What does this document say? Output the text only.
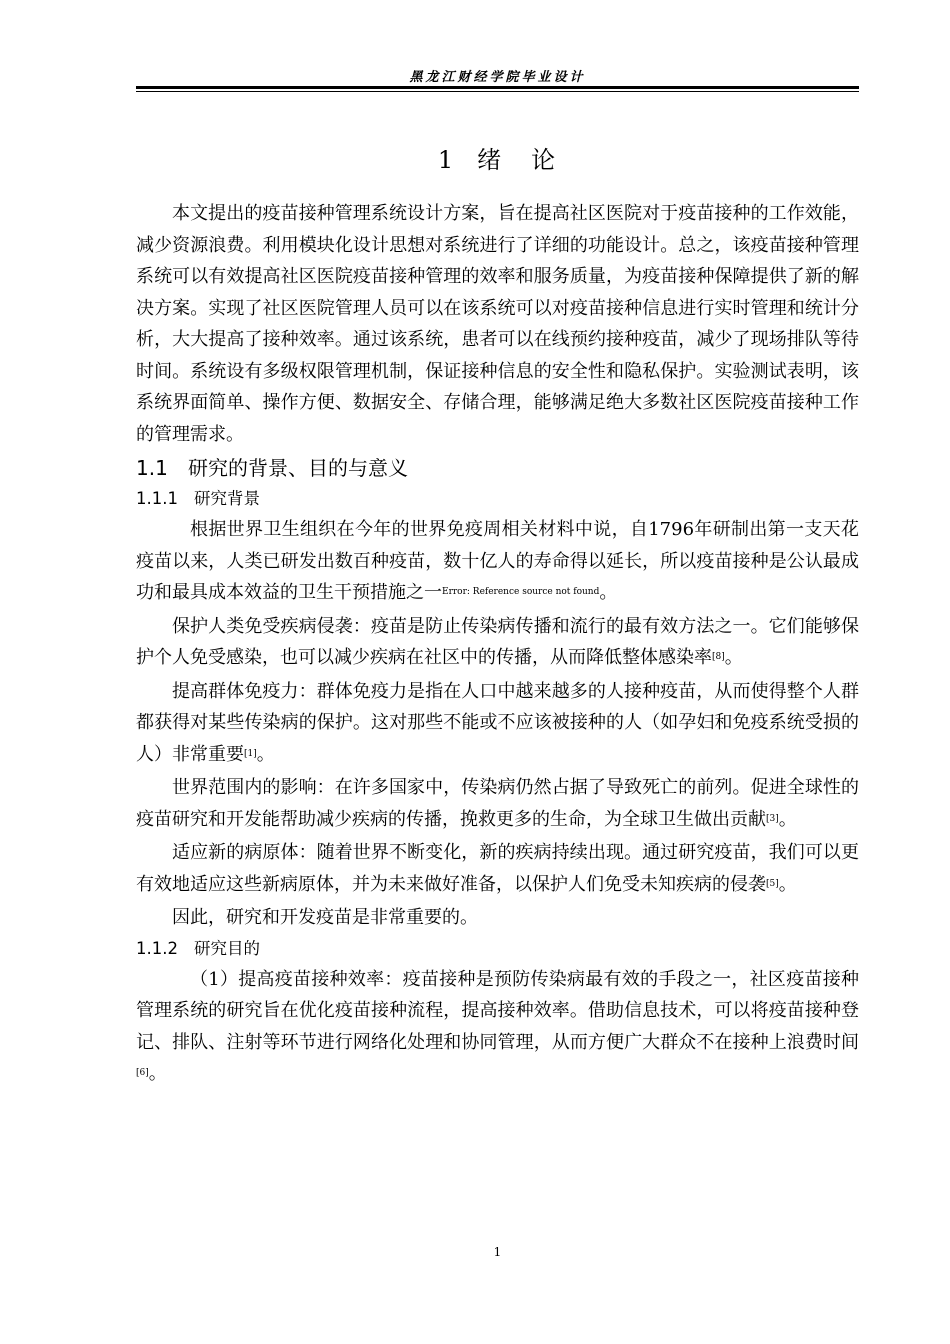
黑龙江财经学院毕业设计
1 绪 论

本文提出的疫苗接种管理系统设计方案，旨在提高社区医院对于疫苗接种的工作效能，减少资源浪费。利用模块化设计思想对系统进行了详细的功能设计。总之，该疫苗接种管理系统可以有效提高社区医院疫苗接种管理的效率和服务质量，为疫苗接种保障提供了新的解决方案。实现了社区医院管理人员可以在该系统可以对疫苗接种信息进行实时管理和统计分析，大大提高了接种效率。通过该系统，患者可以在线预约接种疫苗，减少了现场排队等待时间。系统设有多级权限管理机制，保证接种信息的安全性和隐私保护。实验测试表明，该系统界面简单、操作方便、数据安全、存储合理，能够满足绝大多数社区医院疫苗接种工作的管理需求。

1.1 研究的背景、目的与意义
1.1.1 研究背景

根据世界卫生组织在今年的世界免疫周相关材料中说，自1796年研制出第一支天花疫苗以来，人类已研发出数百种疫苗，数十亿人的寿命得以延长，所以疫苗接种是公认最成功和最具成本效益的卫生干预措施之一$^{Error: Reference source not found}$。

保护人类免受疾病侵袭：疫苗是防止传染病传播和流行的最有效方法之一。它们能够保护个人免受感染，也可以减少疾病在社区中的传播，从而降低整体感染率[8]。

提高群体免疫力：群体免疫力是指在人口中越来越多的人接种疫苗，从而使得整个人群都获得对某些传染病的保护。这对那些不能或不应该被接种的人（如孕妇和免疫系统受损的人）非常重要[1]。

世界范围内的影响：在许多国家中，传染病仍然占据了导致死亡的前列。促进全球性的疫苗研究和开发能帮助减少疾病的传播，挽救更多的生命，为全球卫生做出贡献[3]。

适应新的病原体：随着世界不断变化，新的疾病持续出现。通过研究疫苗，我们可以更有效地适应这些新病原体，并为未来做好准备，以保护人们免受未知疾病的侵袭[5]。

因此，研究和开发疫苗是非常重要的。

1.1.2 研究目的

（1）提高疫苗接种效率：疫苗接种是预防传染病最有效的手段之一，社区疫苗接种管理系统的研究旨在优化疫苗接种流程，提高接种效率。借助信息技术，可以将疫苗接种登记、排队、注射等环节进行网络化处理和协同管理，从而方便广大群众不在接种上浪费时间[6]。

1
